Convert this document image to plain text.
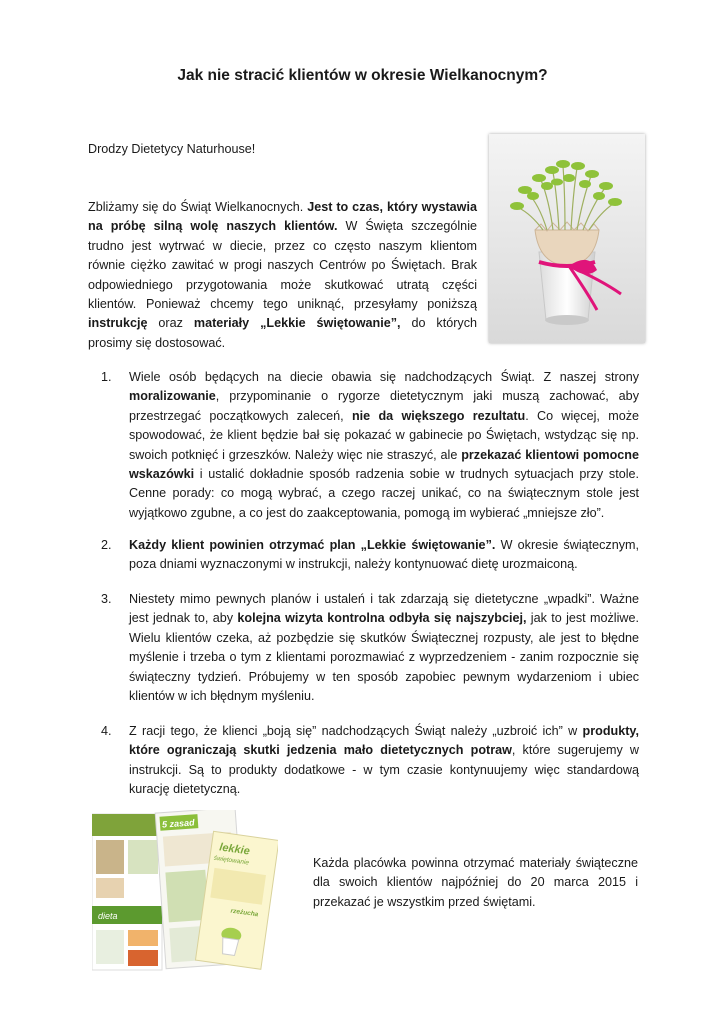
Jak nie stracić klientów w okresie Wielkanocnym?

Drodzy Dietetycy Naturhouse!

Zbliżamy się do Świąt Wielkanocnych. Jest to czas, który wystawia na próbę silną wolę naszych klientów. W Święta szczególnie trudno jest wytrwać w diecie, przez co często naszym klientom równie ciężko zawitać w progi naszych Centrów po Świętach. Brak odpowiedniego przygotowania może skutkować utratą części klientów. Ponieważ chcemy tego uniknąć, przesyłamy poniższą instrukcję oraz materiały „Lekkie świętowanie”, do których prosimy się dostosować.

1. Wiele osób będących na diecie obawia się nadchodzących Świąt. Z naszej strony moralizowanie, przypominanie o rygorze dietetycznym jaki muszą zachować, aby przestrzegać początkowych zaleceń, nie da większego rezultatu. Co więcej, może spowodować, że klient będzie bał się pokazać w gabinecie po Świętach, wstydząc się np. swoich potknięć i grzeszków. Należy więc nie straszyć, ale przekazać klientowi pomocne wskazówki i ustalić dokładnie sposób radzenia sobie w trudnych sytuacjach przy stole. Cenne porady: co mogą wybrać, a czego raczej unikać, co na świątecznym stole jest wyjątkowo zgubne, a co jest do zaakceptowania, pomogą im wybierać „mniejsze zło”.

2. Każdy klient powinien otrzymać plan „Lekkie świętowanie”. W okresie świątecznym, poza dniami wyznaczonymi w instrukcji, należy kontynuować dietę urozmaiconą.

3. Niestety mimo pewnych planów i ustaleń i tak zdarzają się dietetyczne „wpadki”. Ważne jest jednak to, aby kolejna wizyta kontrolna odbyła się najszybciej, jak to jest możliwe. Wielu klientów czeka, aż pozbędzie się skutków Świątecznej rozpusty, ale jest to błędne myślenie i trzeba o tym z klientami porozmawiać z wyprzedzeniem - zanim rozpocznie się świąteczny tydzień. Próbujemy w ten sposób zapobiec pewnym wydarzeniom i ubiec klientów w ich błędnym myśleniu.

4. Z racji tego, że klienci „boją się” nadchodzących Świąt należy „uzbroić ich” w produkty, które ograniczają skutki jedzenia mało dietetycznych potraw, które sugerujemy w instrukcji. Są to produkty dodatkowe - w tym czasie kontynuujemy więc standardową kurację dietetyczną.

dieta
5 zasad
lekkie
świętowanie
rzeżucha

Każda placówka powinna otrzymać materiały świąteczne dla swoich klientów najpóźniej do 20 marca 2015 i przekazać je wszystkim przed świętami.
